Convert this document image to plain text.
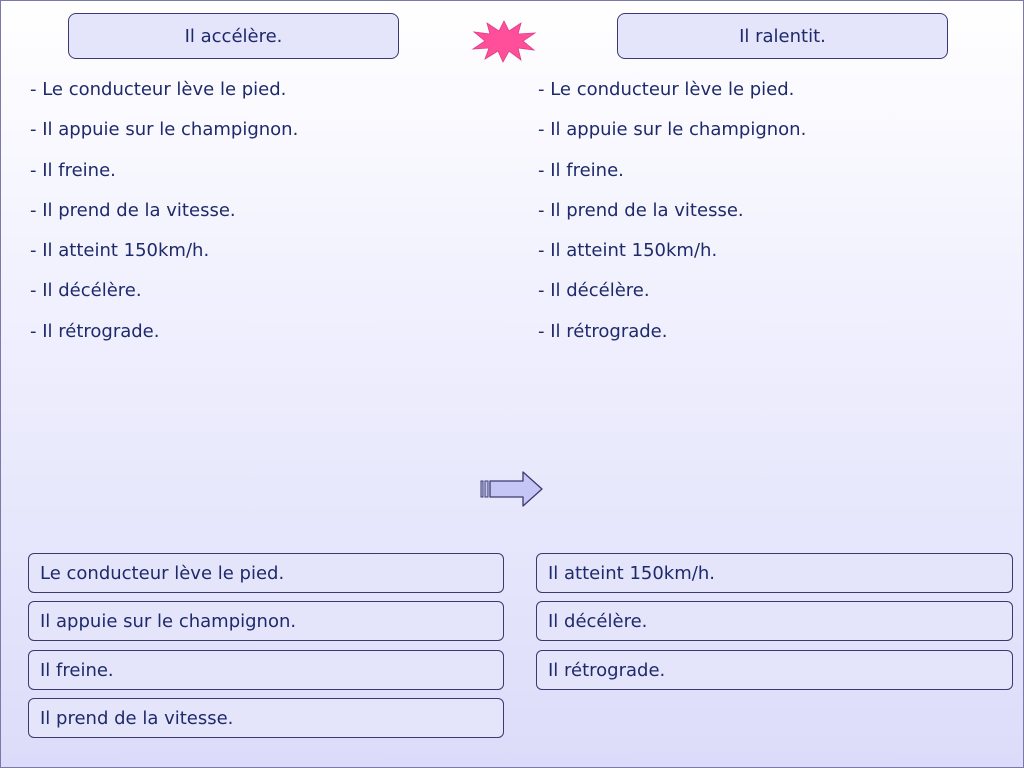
Il accélère.	Il ralentit.
- Le conducteur lève le pied.
- Il appuie sur le champignon.
- Il freine.
- Il prend de la vitesse.
- Il atteint 150km/h.
- Il décélère.
- Il rétrograde.
- Le conducteur lève le pied.
- Il appuie sur le champignon.
- Il freine.
- Il prend de la vitesse.
- Il atteint 150km/h.
- Il décélère.
- Il rétrograde.
Le conducteur lève le pied.
Il appuie sur le champignon.
Il freine.
Il prend de la vitesse.
Il atteint 150km/h.
Il décélère.
Il rétrograde.
